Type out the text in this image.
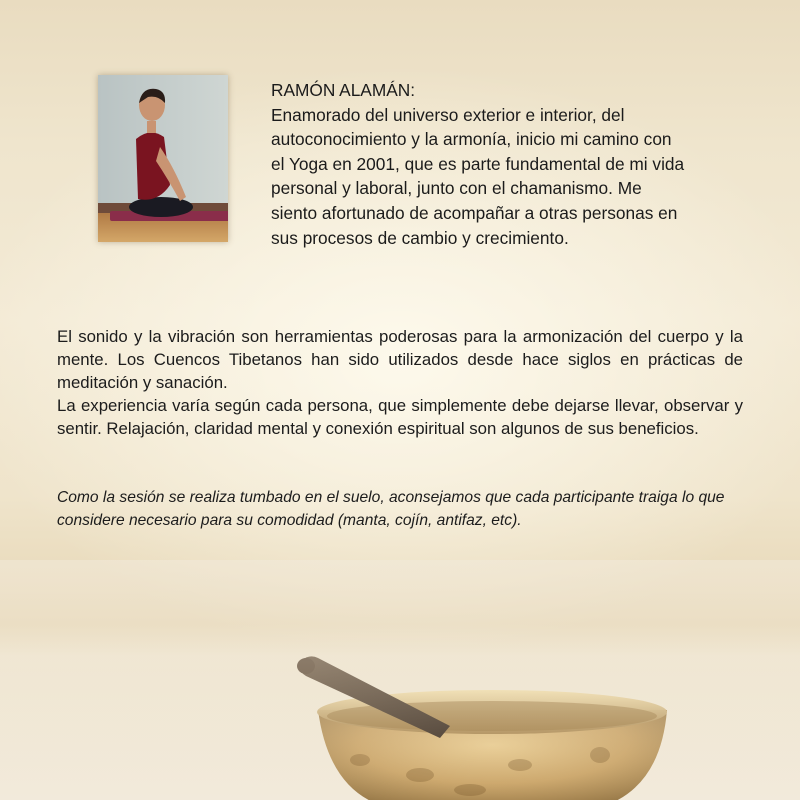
RAMÓN ALAMÁN:

Enamorado del universo exterior e interior, del

autoconocimiento y la armonía, inicio mi camino con

el Yoga en 2001, que es parte fundamental de mi vida

personal y laboral, junto con el chamanismo. Me

siento afortunado de acompañar a otras personas en

sus procesos de cambio y crecimiento.

El sonido y la vibración son herramientas poderosas para la armonización del cuerpo y la mente. Los Cuencos Tibetanos han sido utilizados desde hace siglos en prácticas de meditación y sanación.

La experiencia varía según cada persona, que simplemente debe dejarse llevar, observar y sentir. Relajación, claridad mental y conexión espiritual son algunos de sus beneficios.

Como la sesión se realiza tumbado en el suelo, aconsejamos que cada participante traiga lo que considere necesario para su comodidad (manta, cojín, antifaz, etc).
